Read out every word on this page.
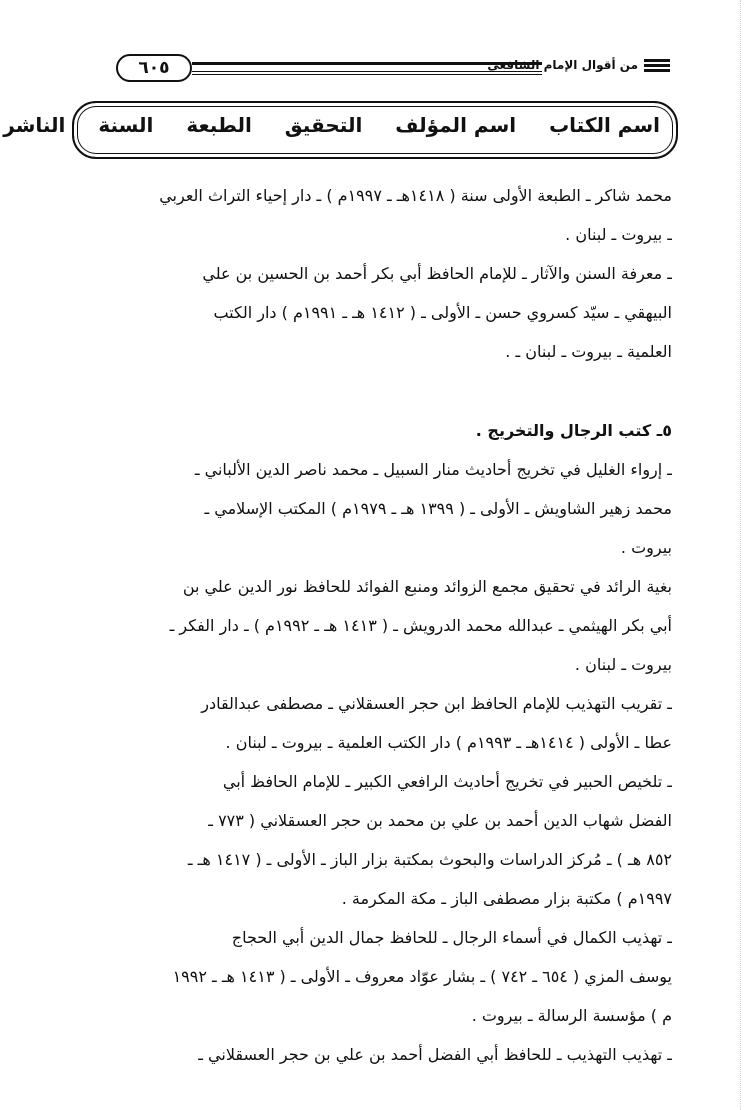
من أقوال الإمام الشافعي
٦٠٥
اسم الكتاب اسم المؤلف التحقيق الطبعة السنة الناشر
محمد شاكر ـ الطبعة الأولى سنة ( ١٤١٨هـ ـ ١٩٩٧م ) ـ دار إحياء التراث العربي
ـ بيروت ـ لبنان .
ـ معرفة السنن والآثار ـ للإمام الحافظ أبي بكر أحمد بن الحسين بن علي
البيهقي ـ سيّد كسروي حسن ـ الأولى ـ ( ١٤١٢ هـ ـ ١٩٩١م ) دار الكتب
العلمية ـ بيروت ـ لبنان ـ .
٥ـ كتب الرجال والتخريج .
ـ إرواء الغليل في تخريج أحاديث منار السبيل ـ محمد ناصر الدين الألباني ـ
محمد زهير الشاويش ـ الأولى ـ ( ١٣٩٩ هـ ـ ١٩٧٩م ) المكتب الإسلامي ـ
بيروت .
بغية الرائد في تحقيق مجمع الزوائد ومنبع الفوائد للحافظ نور الدين علي بن
أبي بكر الهيثمي ـ عبدالله محمد الدرويش ـ ( ١٤١٣ هـ ـ ١٩٩٢م ) ـ دار الفكر ـ
بيروت ـ لبنان .
ـ تقريب التهذيب للإمام الحافظ ابن حجر العسقلاني ـ مصطفى عبدالقادر
عطا ـ الأولى ( ١٤١٤هـ ـ ١٩٩٣م ) دار الكتب العلمية ـ بيروت ـ لبنان .
ـ تلخيص الحبير في تخريج أحاديث الرافعي الكبير ـ للإمام الحافظ أبي
الفضل شهاب الدين أحمد بن علي بن محمد بن حجر العسقلاني ( ٧٧٣ ـ
٨٥٢ هـ ) ـ مُركز الدراسات والبحوث بمكتبة بزار الباز ـ الأولى ـ ( ١٤١٧ هـ ـ
١٩٩٧م ) مكتبة بزار مصطفى الباز ـ مكة المكرمة .
ـ تهذيب الكمال في أسماء الرجال ـ للحافظ جمال الدين أبي الحجاج
يوسف المزي ( ٦٥٤ ـ ٧٤٢ ) ـ بشار عوّاد معروف ـ الأولى ـ ( ١٤١٣ هـ ـ ١٩٩٢
م ) مؤسسة الرسالة ـ بيروت .
ـ تهذيب التهذيب ـ للحافظ أبي الفضل أحمد بن علي بن حجر العسقلاني ـ
